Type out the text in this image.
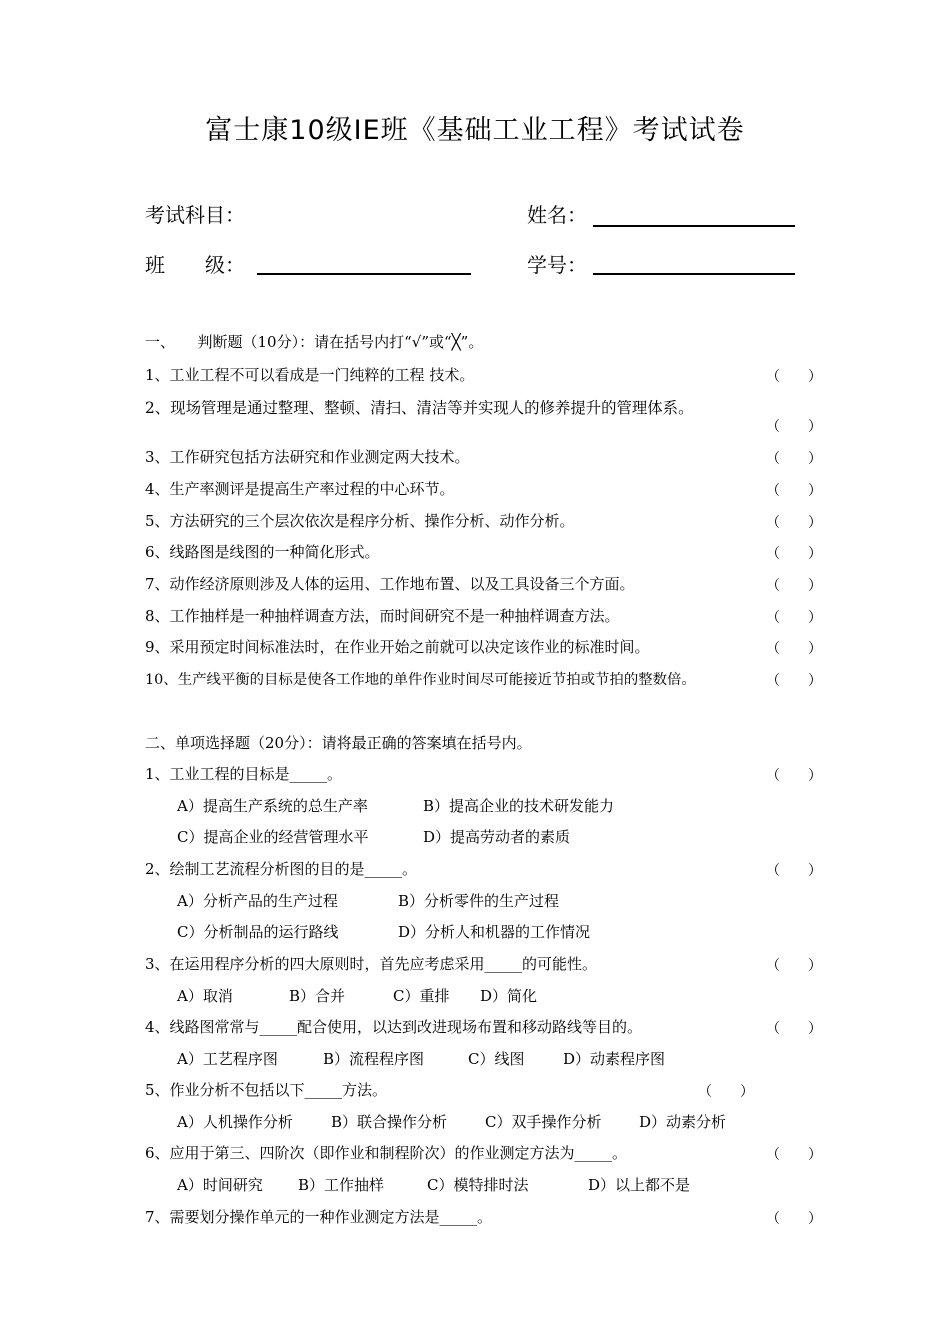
富士康10级IE班《基础工业工程》考试试卷
考试科目：	姓名：
班　　级：	学号：
一、　　判断题（10分）：请在括号内打“√”或“╳”。
1、工业工程不可以看成是一门纯粹的工程 技术。	（　　）
2、现场管理是通过整理、整顿、清扫、清洁等并实现人的修养提升的管理体系。
（　　）
3、工作研究包括方法研究和作业测定两大技术。	（　　）
4、生产率测评是提高生产率过程的中心环节。	（　　）
5、方法研究的三个层次依次是程序分析、操作分析、动作分析。	（　　）
6、线路图是线图的一种简化形式。	（　　）
7、动作经济原则涉及人体的运用、工作地布置、以及工具设备三个方面。	（　　）
8、工作抽样是一种抽样调查方法，而时间研究不是一种抽样调查方法。	（　　）
9、采用预定时间标准法时，在作业开始之前就可以决定该作业的标准时间。	（　　）
10、生产线平衡的目标是使各工作地的单件作业时间尽可能接近节拍或节拍的整数倍。	（　　）
二、单项选择题（20分）：请将最正确的答案填在括号内。
1、工业工程的目标是_____。	（　　）
A）提高生产系统的总生产率	B）提高企业的技术研发能力
C）提高企业的经营管理水平	D）提高劳动者的素质
2、绘制工艺流程分析图的目的是_____。	（　　）
A）分析产品的生产过程	B）分析零件的生产过程
C）分析制品的运行路线	D）分析人和机器的工作情况
3、在运用程序分析的四大原则时，首先应考虑采用_____的可能性。	（　　）
A）取消	B）合并	C）重排 D）简化
4、线路图常常与_____配合使用，以达到改进现场布置和移动路线等目的。	（　　）
A）工艺程序图	B）流程程序图	C）线图	D）动素程序图
5、作业分析不包括以下_____方法。	（　　）
A）人机操作分析	B）联合操作分析	C）双手操作分析	D）动素分析
6、应用于第三、四阶次（即作业和制程阶次）的作业测定方法为_____。	（　　）
A）时间研究 B）工作抽样	C）模特排时法	D）以上都不是
7、需要划分操作单元的一种作业测定方法是_____。	（　　）
